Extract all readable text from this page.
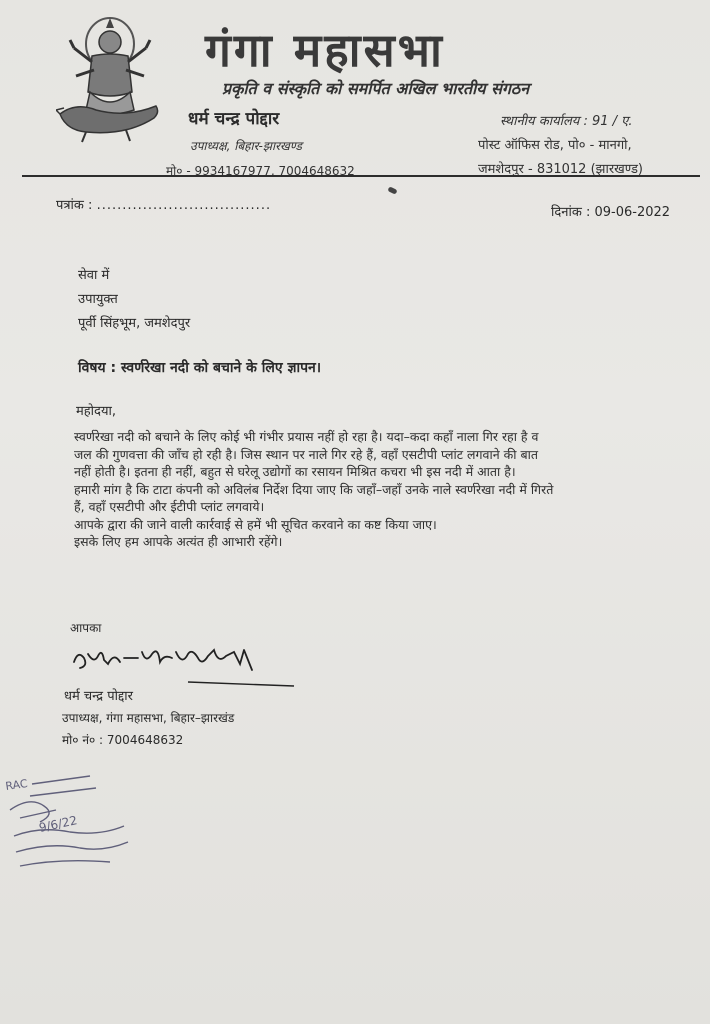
गंगा महासभा
प्रकृति व संस्कृति को समर्पित अखिल भारतीय संगठन
धर्म चन्द्र पोद्दार
उपाध्यक्ष, बिहार-झारखण्ड
मो० - 9934167977, 7004648632
स्थानीय कार्यालय : 91 / ए.
पोस्ट ऑफिस रोड, पो० - मानगो,
जमशेदपुर - 831012 (झारखण्ड)
पत्रांक : ..................................	दिनांक : 09-06-2022
सेवा में
उपायुक्त
पूर्वी सिंहभूम, जमशेदपुर
विषय : स्वर्णरेखा नदी को बचाने के लिए ज्ञापन।
महोदया,

स्वर्णरेखा नदी को बचाने के लिए कोई भी गंभीर प्रयास नहीं हो रहा है। यदा–कदा कहाँ नाला गिर रहा है व

जल की गुणवत्ता की जाँच हो रही है। जिस स्थान पर नाले गिर रहे हैं, वहाँ एसटीपी प्लांट लगवाने की बात

नहीं होती है। इतना ही नहीं, बहुत से घरेलू उद्योगों का रसायन मिश्रित कचरा भी इस नदी में आता है।

हमारी मांग है कि टाटा कंपनी को अविलंब निर्देश दिया जाए कि जहाँ–जहाँ उनके नाले स्वर्णरेखा नदी में गिरते

हैं, वहाँ एसटीपी और ईटीपी प्लांट लगवाये।

आपके द्वारा की जाने वाली कार्रवाई से हमें भी सूचित करवाने का कष्ट किया जाए।

इसके लिए हम आपके अत्यंत ही आभारी रहेंगे।

आपका
धर्म चन्द्र पोद्दार
उपाध्यक्ष, गंगा महासभा, बिहार–झारखंड
मो० नं० : 7004648632
RAC
9/6/22
